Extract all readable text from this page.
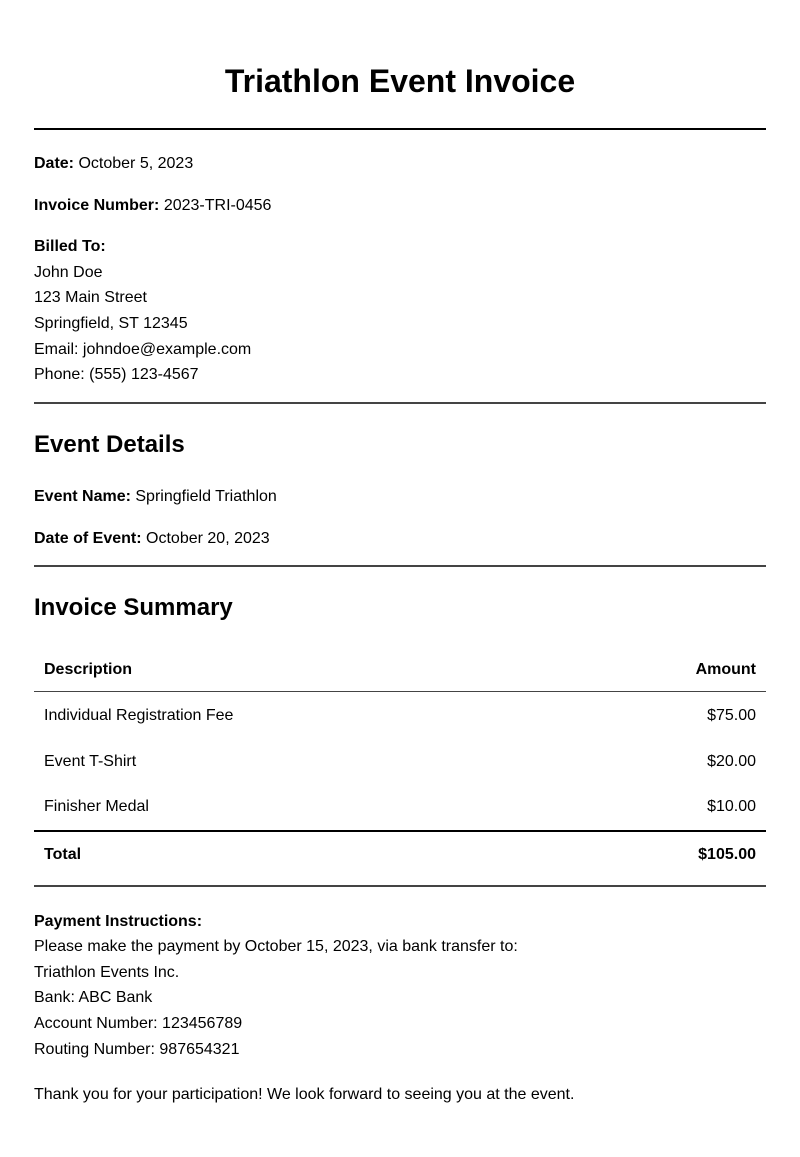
Triathlon Event Invoice
Date: October 5, 2023
Invoice Number: 2023-TRI-0456
Billed To:
John Doe
123 Main Street
Springfield, ST 12345
Email: johndoe@example.com
Phone: (555) 123-4567
Event Details
Event Name: Springfield Triathlon
Date of Event: October 20, 2023
Invoice Summary
Description	Amount
Individual Registration Fee	$75.00
Event T-Shirt	$20.00
Finisher Medal	$10.00
Total	$105.00
Payment Instructions:
Please make the payment by October 15, 2023, via bank transfer to:
Triathlon Events Inc.
Bank: ABC Bank
Account Number: 123456789
Routing Number: 987654321
Thank you for your participation! We look forward to seeing you at the event.
